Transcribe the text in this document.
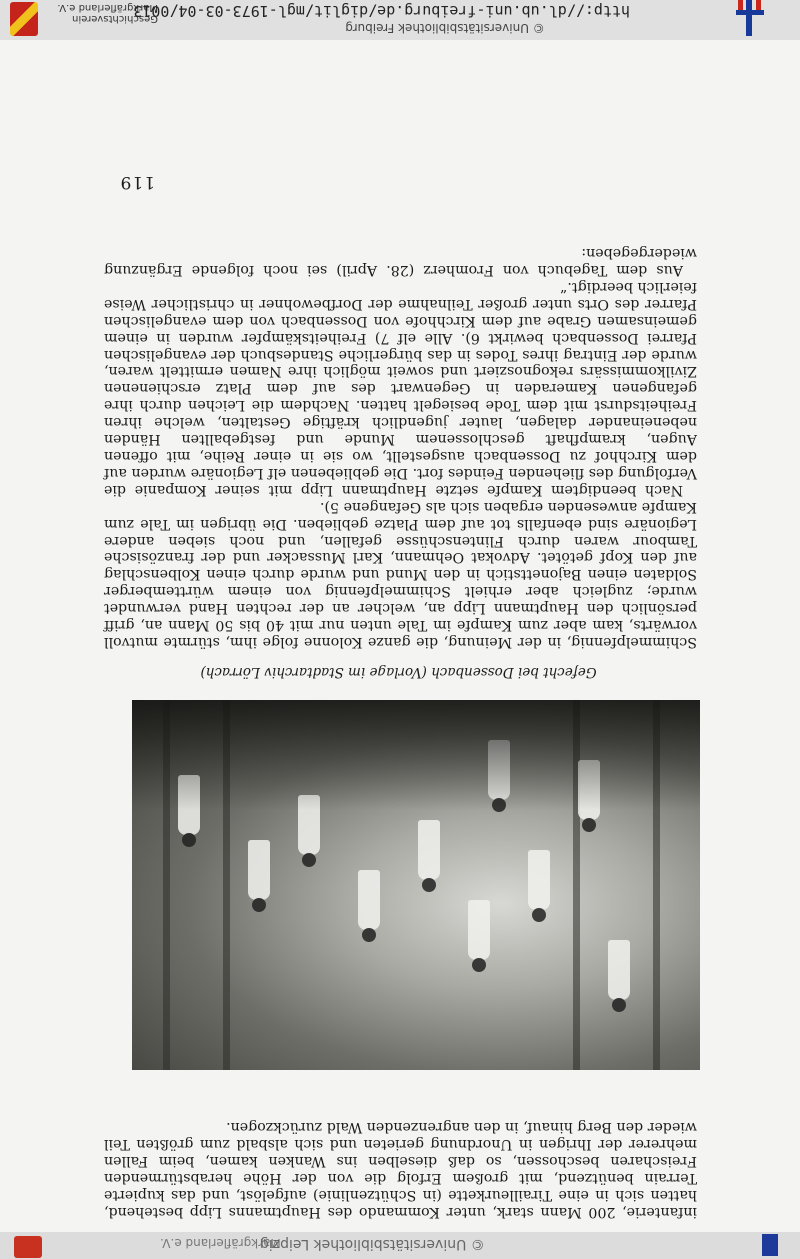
Geschichtsverein
Markgräflerland e.V.
http://dl.ub.uni-freiburg.de/diglit/mgl-1973-03-04/0013
© Universitätsbibliothek Freiburg

infanterie, 200 Mann stark, unter Kommando des Hauptmanns Lipp bestehend, hatten sich in eine Tirailleurkette (in Schützenlinie) aufgelöst, und das kupierte Terrain benützend, mit großem Erfolg die von der Höhe herabstürmenden Freischaren beschossen, so daß dieselben ins Wanken kamen, beim Fallen mehrerer der Ihrigen in Unordnung gerieten und sich alsbald zum größten Teil wieder den Berg hinauf, in den angrenzenden Wald zurückzogen.

Gefecht bei Dossenbach (Vorlage im Stadtarchiv Lörrach)

Schimmelpfennig, in der Meinung, die ganze Kolonne folge ihm, stürmte mutvoll vorwärts, kam aber zum Kampfe im Tale unten nur mit 40 bis 50 Mann an, griff persönlich den Hauptmann Lipp an, welcher an der rechten Hand verwundet wurde; zugleich aber erhielt Schimmelpfennig von einem württemberger Soldaten einen Bajonettstich in den Mund und wurde durch einen Kolbenschlag auf den Kopf getötet. Advokat Oehmann, Karl Mussacker und der französische Tambour waren durch Flintenschüsse gefallen, und noch sieben andere Legionäre sind ebenfalls tot auf dem Platze geblieben. Die übrigen im Tale zum Kampfe anwesenden ergaben sich als Gefangene 5).

Nach beendigtem Kampfe setzte Hauptmann Lipp mit seiner Kompanie die Verfolgung des fliehenden Feindes fort. Die gebliebenen elf Legionäre wurden auf dem Kirchhof zu Dossenbach ausgestellt, wo sie in einer Reihe, mit offenen Augen, krampfhaft geschlossenem Munde und festgeballten Händen nebeneinander dalagen, lauter jugendlich kräftige Gestalten, welche ihren Freiheitsdurst mit dem Tode besiegelt hatten. Nachdem die Leichen durch ihre gefangenen Kameraden in Gegenwart des auf dem Platz erschienenen Zivilkommissärs rekognosziert und soweit möglich ihre Namen ermittelt waren, wurde der Eintrag ihres Todes in das bürgerliche Standesbuch der evangelischen Pfarrei Dossenbach bewirkt 6). Alle elf 7) Freiheitskämpfer wurden in einem gemeinsamen Grabe auf dem Kirchhofe von Dossenbach von dem evangelischen Pfarrer des Orts unter großer Teilnahme der Dorfbewohner in christlicher Weise feierlich beerdigt.“

Aus dem Tagebuch von Fromherz (28. April) sei noch folgende Ergänzung wiedergegeben:

119
Markgräflerland e.V.
© Universitätsbibliothek Leipzig
